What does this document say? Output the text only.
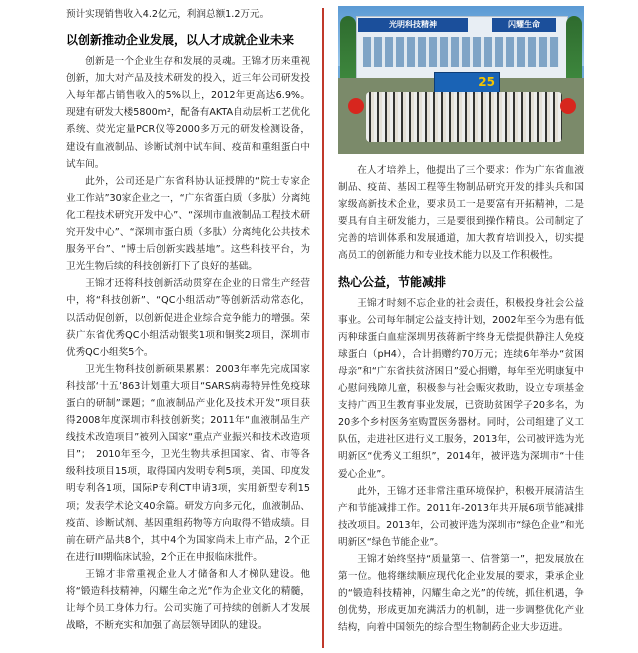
预计实现销售收入4.2亿元，利润总额1.2万元。

以创新推动企业发展，以人才成就企业未来

创新是一个企业生存和发展的灵魂。王锦才历来重视创新，加大对产品及技术研发的投入，近三年公司研发投入每年都占销售收入的5%以上，2012年更高达6.9%。现建有研发大楼5800m²，配备有AKTA自动层析工艺优化系统、荧光定量PCR仪等2000多万元的研发检测设备，建设有血液制品、诊断试剂中试车间、疫苗和重组蛋白中试车间。

此外，公司还是广东省科协认证授牌的“院士专家企业工作站”30家企业之一，“广东省蛋白质（多肽）分离纯化工程技术研究开发中心”、“深圳市血液制品工程技术研究开发中心”、“深圳市蛋白质（多肽）分离纯化公共技术服务平台”、“博士后创新实践基地”。这些科技平台，为卫光生物后续的科技创新打下了良好的基础。

王锦才还将科技创新活动贯穿在企业的日常生产经营中，将“科技创新”、“QC小组活动”等创新活动常态化，以活动促创新，以创新促进企业综合竞争能力的增强。荣获广东省优秀QC小组活动银奖1项和铜奖2项目，深圳市优秀QC小组奖5个。

卫光生物科技创新硕果累累：2003年率先完成国家科技部‘十五’863计划重大项目“SARS病毒特异性免疫球蛋白的研制”课题；“血液制品产业化及技术开发”项目获得2008年度深圳市科技创新奖；2011年“血液制品生产线技术改造项目”被列入国家“重点产业振兴和技术改造项目”；　2010年至今，卫光生物共承担国家、省、市等各级科技项目15项，取得国内发明专利5项，美国、印度发明专利各1项，国际P专利CT申请3项，实用新型专利15项；发表学术论文40余篇。研发方向多元化，血液制品、疫苗、诊断试剂、基因重组药物等方向取得不错成绩。目前在研产品共8个，其中4个为国家尚未上市产品，2个正在进行III期临床试验，2个正在申报临床批件。

王锦才非常重视企业人才储备和人才梯队建设。他将“锻造科技精神，闪耀生命之光”作为企业文化的精髓，让每个员工身体力行。公司实施了可持续的创新人才发展战略，不断充实和加强了高层领导团队的建设。

光明科技精神	闪耀生命
25

在人才培养上，他提出了三个要求：作为广东省血液制品、疫苗、基因工程等生物制品研究开发的排头兵和国家级高新技术企业，要求员工一是要富有开拓精神，二是要具有自主研发能力，三是要很到操作精良。公司制定了完善的培训体系和发展通道，加大教育培训投入，切实提高员工的创新能力和专业技术能力以及工作积极性。

热心公益，节能减排

王锦才时刻不忘企业的社会责任，积极投身社会公益事业。公司每年制定公益支持计划，2002年至今为患有低丙种球蛋白血症深圳男孩蒋新宇终身无偿提供静注人免疫球蛋白（pH4），合计捐赠约70万元；连续6年举办“贫困母亲”和“广东省扶贫济困日”爱心捐赠，每年至光明康复中心慰问残障儿童，积极参与社会赈灾救助，设立专项基金支持广西卫生教育事业发展，已资助贫困学子20多名，为20多个乡村医务室购置医务器材。同时，公司组建了义工队伍，走进社区进行义工服务，2013年，公司被评选为光明新区“优秀义工组织”，2014年，被评选为深圳市“十佳爱心企业”。

此外，王锦才还非常注重环境保护，积极开展清洁生产和节能减排工作。2011年-2013年共开展6项节能减排技改项目。2013年，公司被评选为深圳市“绿色企业”和光明新区“绿色节能企业”。

王锦才始终坚持“质量第一、信誉第一”，把发展放在第一位。他将继续顺应现代化企业发展的要求，秉承企业的“锻造科技精神，闪耀生命之光”的传统，抓住机遇，争创优势，形成更加充满活力的机制，进一步调整优化产业结构，向着中国领先的综合型生物制药企业大步迈进。
